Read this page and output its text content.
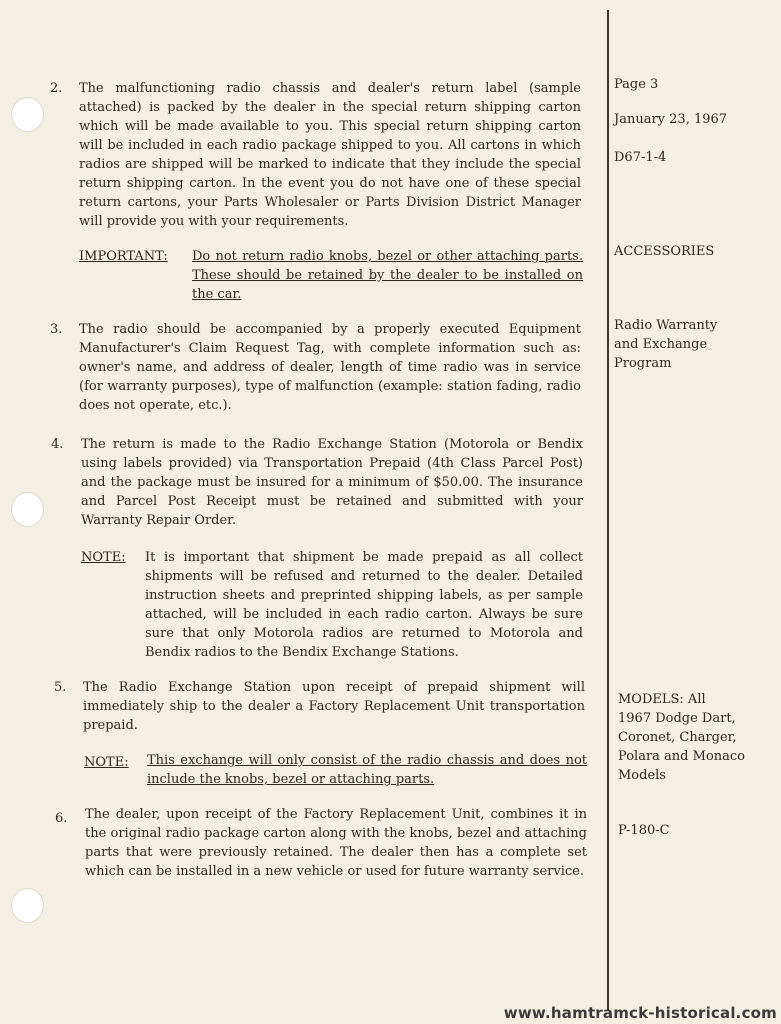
2. The malfunctioning radio chassis and dealer's return label (sample attached) is packed by the dealer in the special return shipping carton which will be made available to you. This special return shipping carton will be included in each radio package shipped to you. All cartons in which radios are shipped will be marked to indicate that they include the special return shipping carton. In the event you do not have one of these special return cartons, your Parts Wholesaler or Parts Division District Manager will provide you with your requirements.
IMPORTANT: Do not return radio knobs, bezel or other attaching parts. These should be retained by the dealer to be installed on the car.
3. The radio should be accompanied by a properly executed Equipment Manufacturer's Claim Request Tag, with complete information such as: owner's name, and address of dealer, length of time radio was in service (for warranty purposes), type of malfunction (example: station fading, radio does not operate, etc.).
4. The return is made to the Radio Exchange Station (Motorola or Bendix using labels provided) via Transportation Prepaid (4th Class Parcel Post) and the package must be insured for a minimum of $50.00. The insurance and Parcel Post Receipt must be retained and submitted with your Warranty Repair Order.
NOTE: It is important that shipment be made prepaid as all collect shipments will be refused and returned to the dealer. Detailed instruction sheets and preprinted shipping labels, as per sample attached, will be included in each radio carton. Always be sure sure that only Motorola radios are returned to Motorola and Bendix radios to the Bendix Exchange Stations.
5. The Radio Exchange Station upon receipt of prepaid shipment will immediately ship to the dealer a Factory Replacement Unit transportation prepaid.
NOTE: This exchange will only consist of the radio chassis and does not include the knobs, bezel or attaching parts.
6. The dealer, upon receipt of the Factory Replacement Unit, combines it in the original radio package carton along with the knobs, bezel and attaching parts that were previously retained. The dealer then has a complete set which can be installed in a new vehicle or used for future warranty service.
Page 3
January 23, 1967
D67-1-4
ACCESSORIES
Radio Warranty
and Exchange
Program
MODELS: All
1967 Dodge Dart,
Coronet, Charger,
Polara and Monaco
Models
P-180-C
www.hamtramck-historical.com
